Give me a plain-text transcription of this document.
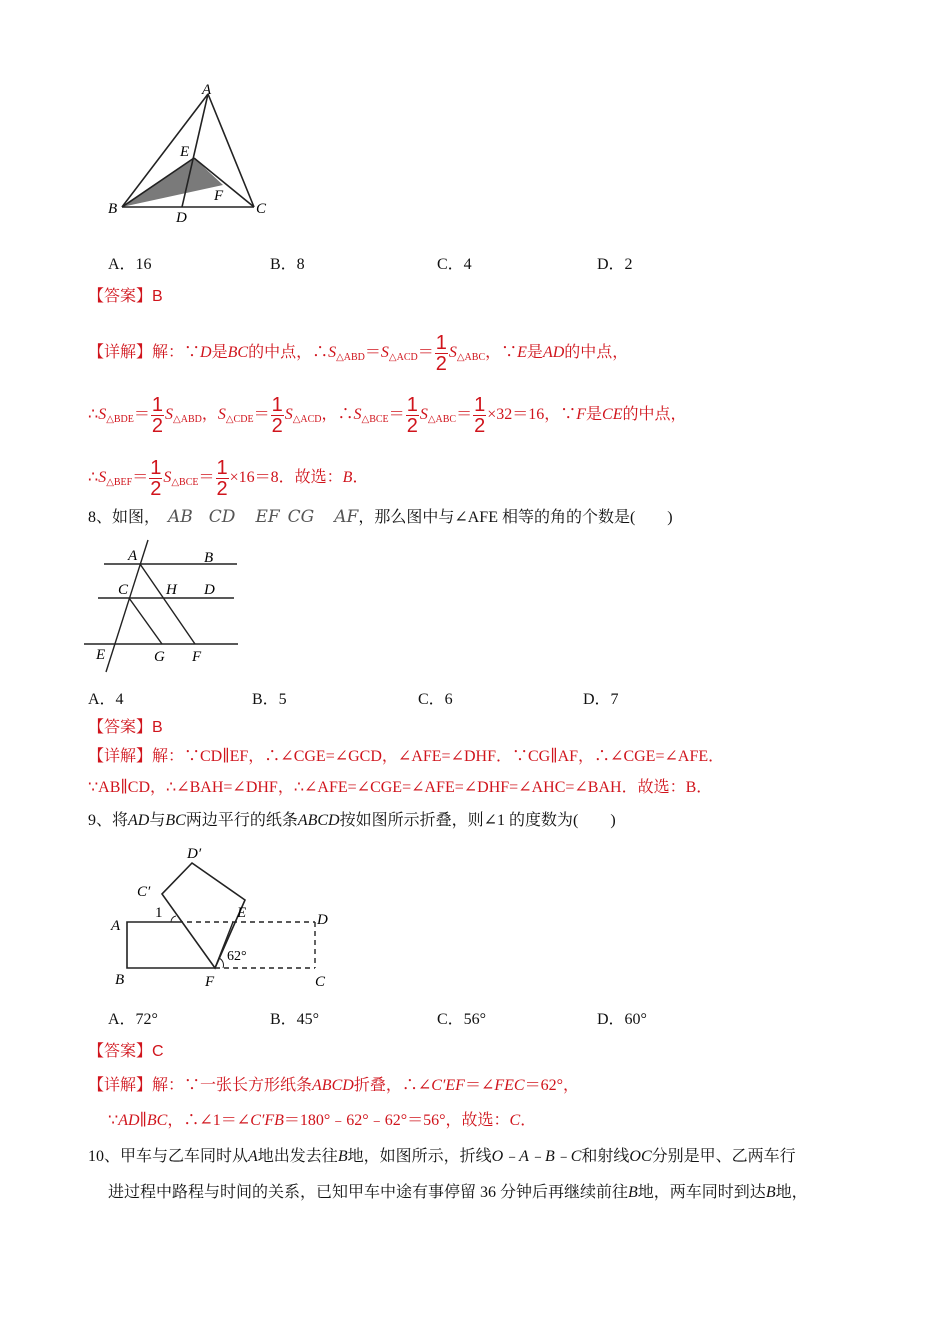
A
E
F
B
D
C
A．16	B．8	C．4	D．2
【答案】B
【详解】解：∵D是BC的中点，$\therefore S_{\triangle ABD}=S_{\triangle ACD}= \frac{1}{2} S_{\triangle ABC}$，∵E是AD的中点，
$\therefore S_{\triangle BDE}= \frac{1}{2} S_{\triangle ABD}$，$S_{\triangle CDE}= \frac{1}{2} S_{\triangle ACD}$，$\therefore S_{\triangle BCE}= \frac{1}{2} S_{\triangle ABC}= \frac{1}{2} \times 32=16$，∵F是CE的中点，
$\therefore S_{\triangle BEF}= \frac{1}{2} S_{\triangle BCE}= \frac{1}{2} \times 16=8$．故选：B．
8、如图， AB CD EF CG AF，那么图中与∠AFE 相等的角的个数是(　　)
A	B
C	H D
E	G F
A．4	B．5	C．6	D．7
【答案】B
【详解】解：∵CD∥EF，∴∠CGE=∠GCD，∠AFE=∠DHF．∵CG∥AF，∴∠CGE=∠AFE．
∵AB∥CD，∴∠BAH=∠DHF，∴∠AFE=∠CGE=∠AFE=∠DHF=∠AHC=∠BAH．故选：B．
9、将AD与BC两边平行的纸条ABCD按如图所示折叠，则∠1 的度数为(　　)
D′
C′
1	E	D
A
62°
B	F	C
A．72°	B．45°	C．56°	D．60°
【答案】C
【详解】解：∵一张长方形纸条ABCD折叠，∴∠C′EF＝∠FEC＝62°，
∵AD∥BC，∴∠1＝∠C′FB＝180°﹣62°﹣62°＝56°，故选：C．
10、甲车与乙车同时从A地出发去往B地，如图所示，折线O﹣A﹣B﹣C和射线OC分别是甲、乙两车行
进过程中路程与时间的关系，已知甲车中途有事停留 36 分钟后再继续前往B地，两车同时到达B地，
